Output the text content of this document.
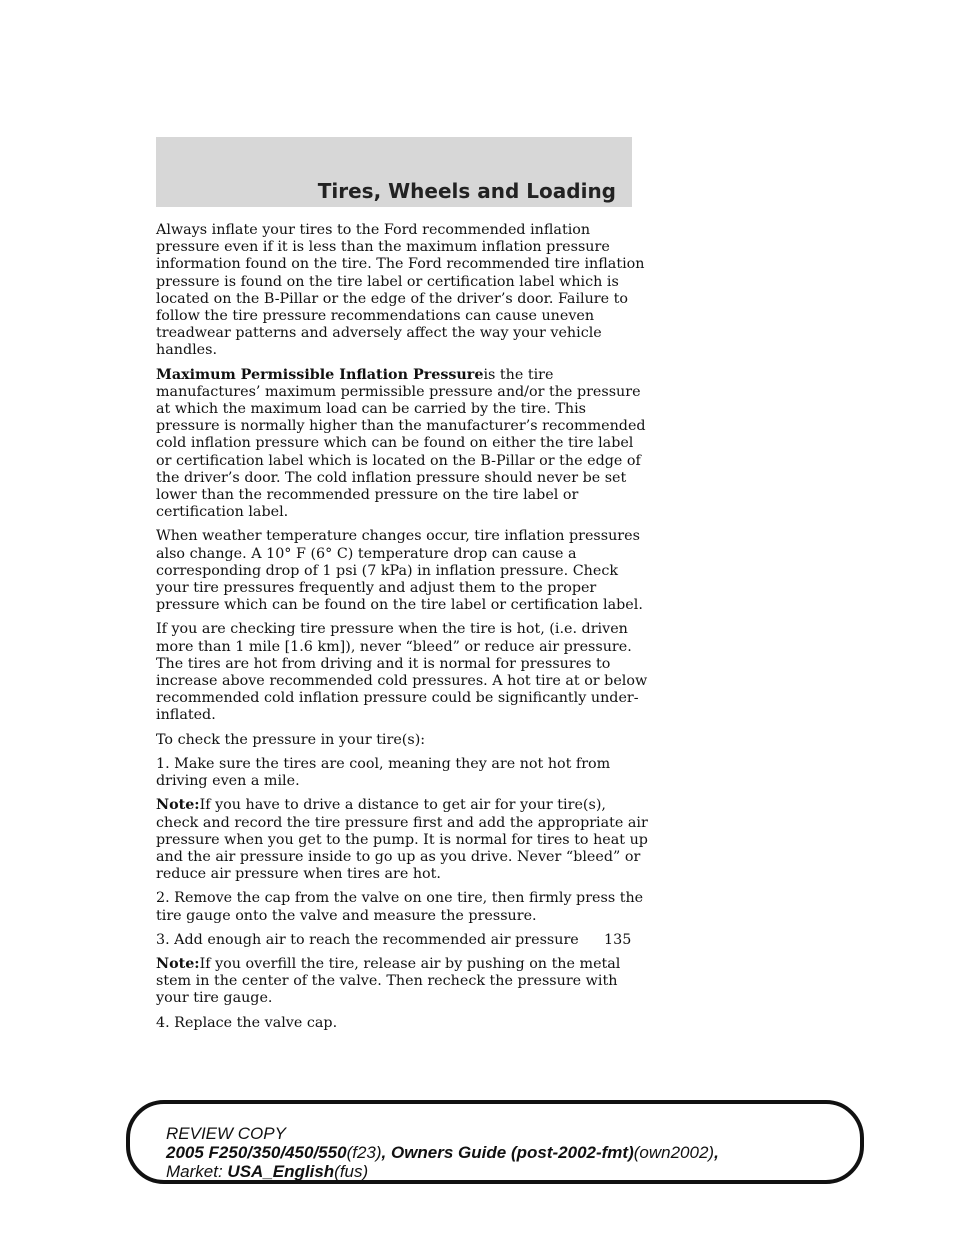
Tires, Wheels and Loading

Always inflate your tires to the Ford recommended inflation pressure even if it is less than the maximum inflation pressure information found on the tire. The Ford recommended tire inflation pressure is found on the tire label or certification label which is located on the B-Pillar or the edge of the driver’s door. Failure to follow the tire pressure recommendations can cause uneven treadwear patterns and adversely affect the way your vehicle handles.

Maximum Permissible Inflation Pressureis the tire manufactures’ maximum permissible pressure and/or the pressure at which the maximum load can be carried by the tire. This pressure is normally higher than the manufacturer’s recommended cold inflation pressure which can be found on either the tire label or certification label which is located on the B-Pillar or the edge of the driver’s door. The cold inflation pressure should never be set lower than the recommended pressure on the tire label or certification label.

When weather temperature changes occur, tire inflation pressures also change. A 10° F (6° C) temperature drop can cause a corresponding drop of 1 psi (7 kPa) in inflation pressure. Check your tire pressures frequently and adjust them to the proper pressure which can be found on the tire label or certification label.

If you are checking tire pressure when the tire is hot, (i.e. driven more than 1 mile [1.6 km]), never “bleed” or reduce air pressure. The tires are hot from driving and it is normal for pressures to increase above recommended cold pressures. A hot tire at or below recommended cold inflation pressure could be significantly under-inflated.

To check the pressure in your tire(s):

1. Make sure the tires are cool, meaning they are not hot from driving even a mile.

Note:If you have to drive a distance to get air for your tire(s), check and record the tire pressure first and add the appropriate air pressure when you get to the pump. It is normal for tires to heat up and the air pressure inside to go up as you drive. Never “bleed” or reduce air pressure when tires are hot.

2. Remove the cap from the valve on one tire, then firmly press the tire gauge onto the valve and measure the pressure.

3. Add enough air to reach the recommended air pressure

Note:If you overfill the tire, release air by pushing on the metal stem in the center of the valve. Then recheck the pressure with your tire gauge.

4. Replace the valve cap.

135
REVIEW COPY
2005 F250/350/450/550(f23), Owners Guide (post-2002-fmt)(own2002),
Market: USA_English(fus)
